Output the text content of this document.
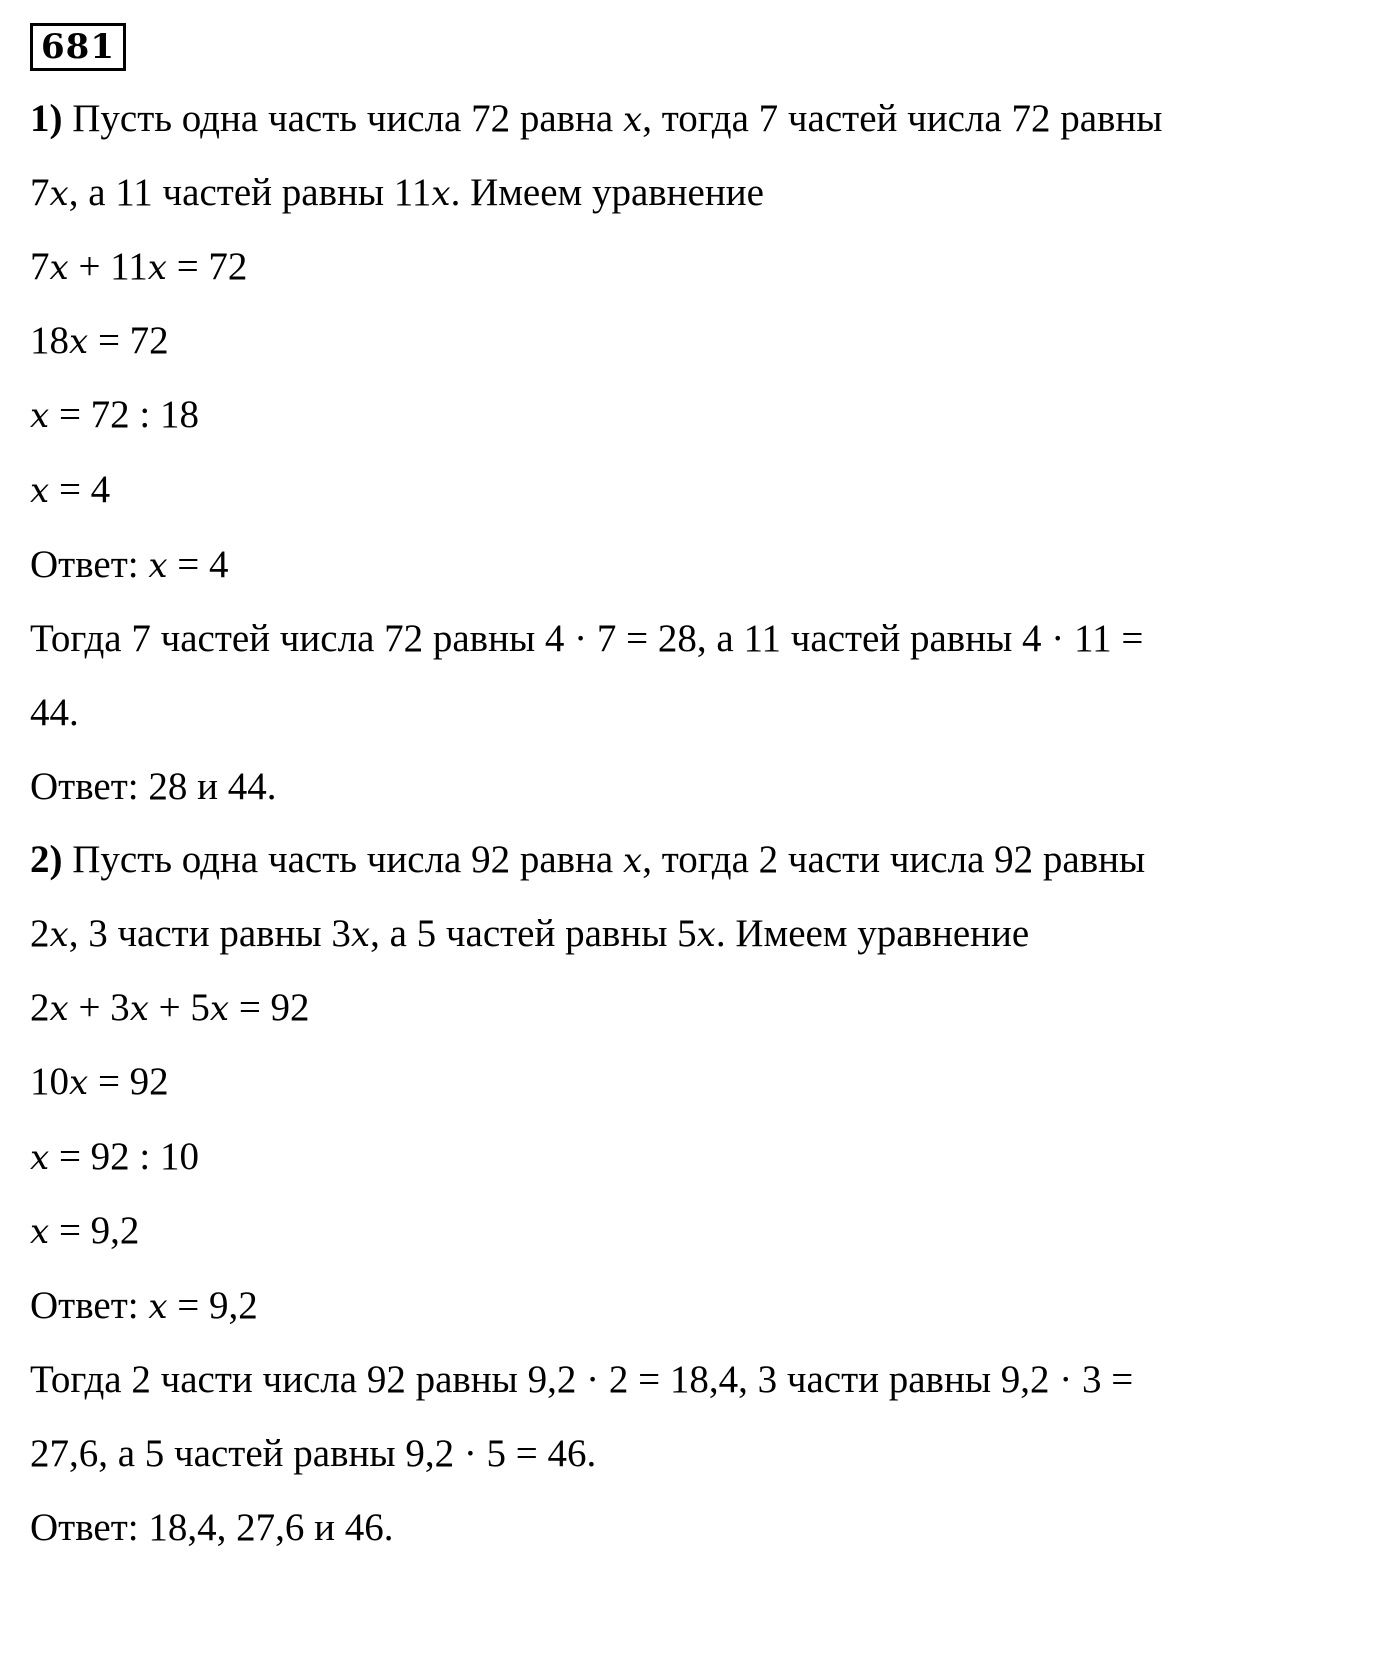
681
1) Пусть одна часть числа 72 равна x, тогда 7 частей числа 72 равны
7x, а 11 частей равны 11x. Имеем уравнение
7x + 11x = 72
18x = 72
x = 72 : 18
x = 4
Ответ: x = 4
Тогда 7 частей числа 72 равны 4 · 7 = 28, а 11 частей равны 4 · 11 =
44.
Ответ: 28 и 44.
2) Пусть одна часть числа 92 равна x, тогда 2 части числа 92 равны
2x, 3 части равны 3x, а 5 частей равны 5x. Имеем уравнение
2x + 3x + 5x = 92
10x = 92
x = 92 : 10
x = 9,2
Ответ: x = 9,2
Тогда 2 части числа 92 равны 9,2 · 2 = 18,4, 3 части равны 9,2 · 3 =
27,6, а 5 частей равны 9,2 · 5 = 46.
Ответ: 18,4, 27,6 и 46.
